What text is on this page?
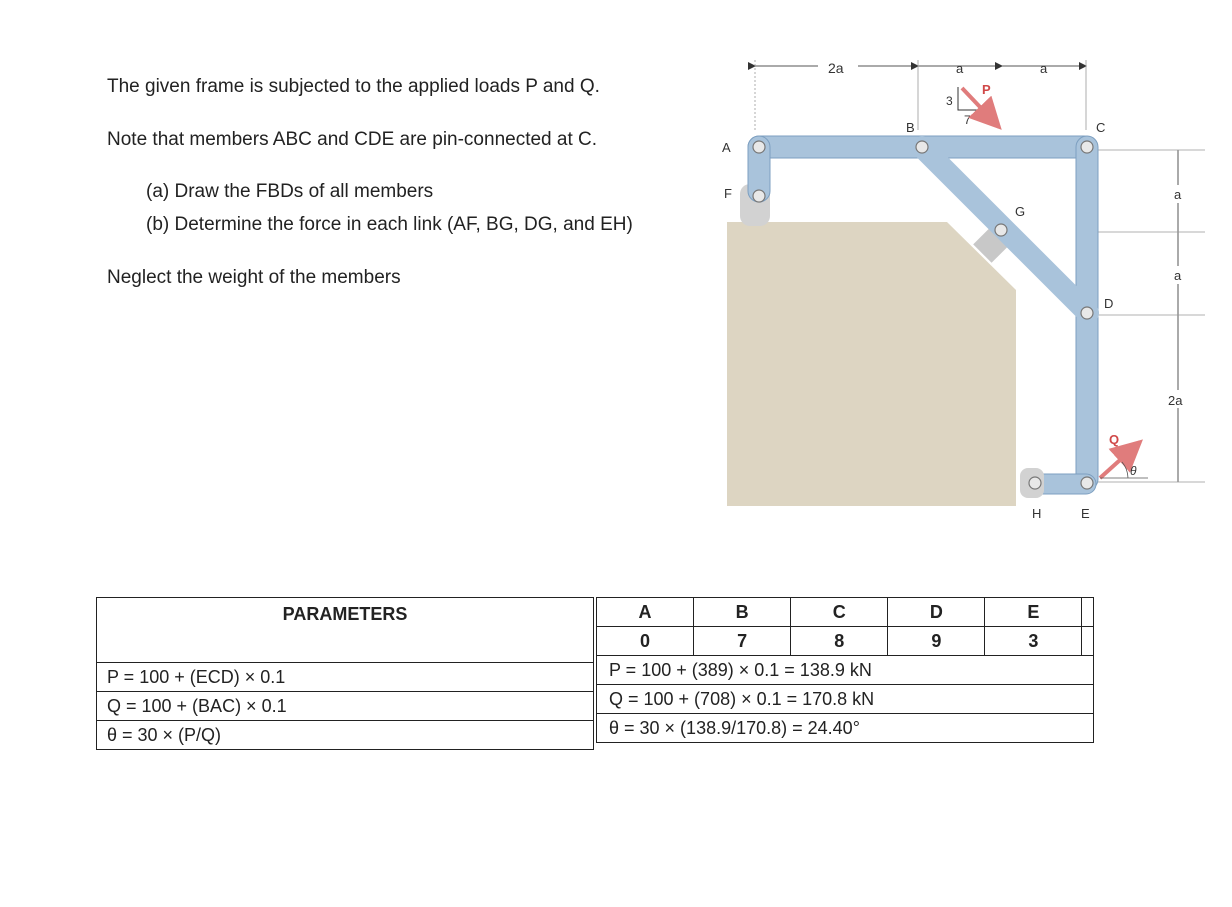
The given frame is subjected to the applied loads P and Q.
Note that members ABC and CDE are pin-connected at C.
(a) Draw the FBDs of all members
(b) Determine the force in each link (AF, BG, DG, and EH)
Neglect the weight of the members
2a	a	a
a
a
2a
A
F
B	C
G
D
H	E
3
7
P
Q
θ
PARAMETERS
P = 100 + (ECD) × 0.1
Q = 100 + (BAC) × 0.1
θ = 30 × (P/Q)
A	B	C	D	E	
0	7	8	9	3	
P = 100 + (389) × 0.1 = 138.9 kN					
Q = 100 + (708) × 0.1 = 170.8 kN					
θ = 30 × (138.9/170.8) = 24.40°					
